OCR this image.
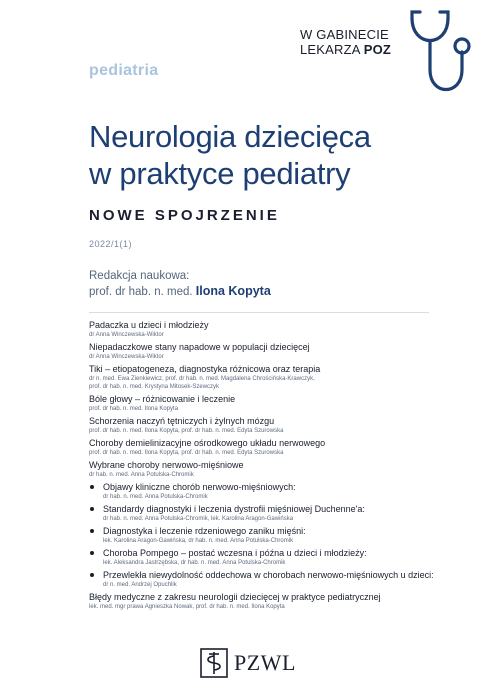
W GABINECIE
LEKARZA POZ
pediatria
Neurologia dziecięca
w praktyce pediatry
NOWE SPOJRZENIE
2022/1(1)
Redakcja naukowa:
prof. dr hab. n. med. Ilona Kopyta
Padaczka u dzieci i młodzieży
dr Anna Winczewska-Wiktor
Niepadaczkowe stany napadowe w populacji dziecięcej
dr Anna Winczewska-Wiktor
Tiki – etiopatogeneza, diagnostyka różnicowa oraz terapia
dr n. med. Ewa Zienkiewicz, prof. dr hab. n. med. Magdalena Chrościńska-Krawczyk,
prof. dr hab. n. med. Krystyna Mitosek-Szewczyk
Bóle głowy – różnicowanie i leczenie
prof. dr hab. n. med. Ilona Kopyta
Schorzenia naczyń tętniczych i żylnych mózgu
prof. dr hab. n. med. Ilona Kopyta, prof. dr hab. n. med. Edyta Szurowska
Choroby demielinizacyjne ośrodkowego układu nerwowego
prof. dr hab. n. med. Ilona Kopyta, prof. dr hab. n. med. Edyta Szurowska
Wybrane choroby nerwowo-mięśniowe
dr hab. n. med. Anna Potulska-Chromik
Objawy kliniczne chorób nerwowo-mięśniowych:
dr hab. n. med. Anna Potulska-Chromik
Standardy diagnostyki i leczenia dystrofii mięśniowej Duchenne'a:
dr hab. n. med. Anna Potulska-Chromik, lek. Karolina Aragon-Gawińska
Diagnostyka i leczenie rdzeniowego zaniku mięśni:
lek. Karolina Aragon-Gawińska, dr hab. n. med. Anna Potulska-Chromik
Choroba Pompego – postać wczesna i późna u dzieci i młodzieży:
lek. Aleksandra Jastrzębska, dr hab. n. med. Anna Potulska-Chromik
Przewlekła niewydolność oddechowa w chorobach nerwowo-mięśniowych u dzieci:
dr n. med. Andrzej Opuchlik
Błędy medyczne z zakresu neurologii dziecięcej w praktyce pediatrycznej
lek. med. mgr prawa Agnieszka Nowak, prof. dr hab. n. med. Ilona Kopyta
PZWL
